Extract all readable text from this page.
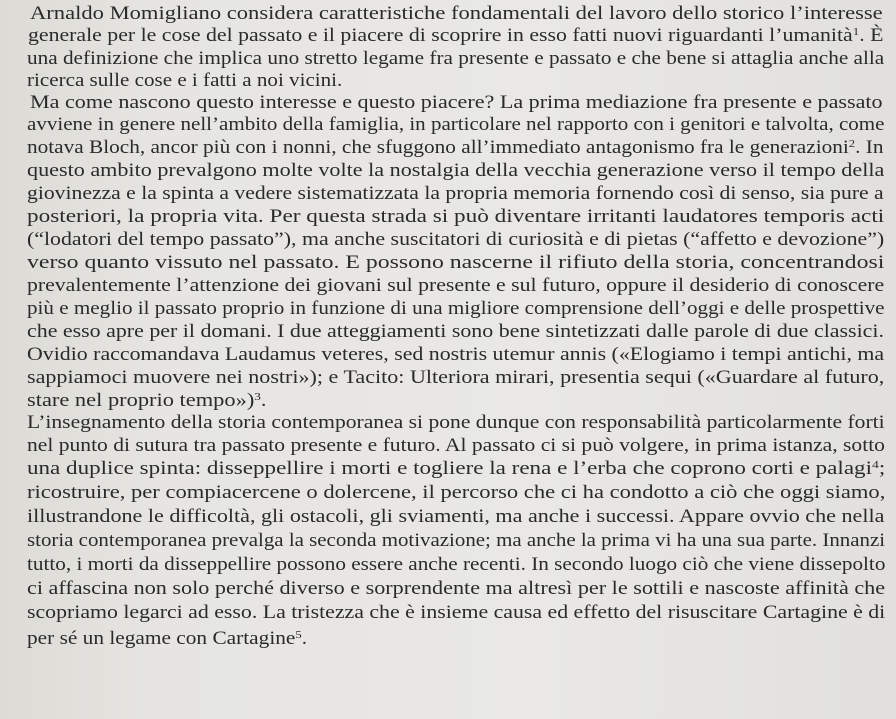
Arnaldo Momigliano considera caratteristiche fondamentali del lavoro dello storico l’interesse
generale per le cose del passato e il piacere di scoprire in esso fatti nuovi riguardanti l’umanità$^1$. È
una definizione che implica uno stretto legame fra presente e passato e che bene si attaglia anche alla
ricerca sulle cose e i fatti a noi vicini.
Ma come nascono questo interesse e questo piacere? La prima mediazione fra presente e passato
avviene in genere nell’ambito della famiglia, in particolare nel rapporto con i genitori e talvolta, come
notava Bloch, ancor più con i nonni, che sfuggono all’immediato antagonismo fra le generazioni$^2$. In
questo ambito prevalgono molte volte la nostalgia della vecchia generazione verso il tempo della
giovinezza e la spinta a vedere sistematizzata la propria memoria fornendo così di senso, sia pure a
posteriori, la propria vita. Per questa strada si può diventare irritanti laudatores temporis acti
(“lodatori del tempo passato”), ma anche suscitatori di curiosità e di pietas (“affetto e devozione”)
verso quanto vissuto nel passato. E possono nascerne il rifiuto della storia, concentrandosi
prevalentemente l’attenzione dei giovani sul presente e sul futuro, oppure il desiderio di conoscere
più e meglio il passato proprio in funzione di una migliore comprensione dell’oggi e delle prospettive
che esso apre per il domani. I due atteggiamenti sono bene sintetizzati dalle parole di due classici.
Ovidio raccomandava Laudamus veteres, sed nostris utemur annis («Elogiamo i tempi antichi, ma
sappiamoci muovere nei nostri»); e Tacito: Ulteriora mirari, presentia sequi («Guardare al futuro,
stare nel proprio tempo»)$^3$.
L’insegnamento della storia contemporanea si pone dunque con responsabilità particolarmente forti
nel punto di sutura tra passato presente e futuro. Al passato ci si può volgere, in prima istanza, sotto
una duplice spinta: disseppellire i morti e togliere la rena e l’erba che coprono corti e palagi$^4$;
ricostruire, per compiacercene o dolercene, il percorso che ci ha condotto a ciò che oggi siamo,
illustrandone le difficoltà, gli ostacoli, gli sviamenti, ma anche i successi. Appare ovvio che nella
storia contemporanea prevalga la seconda motivazione; ma anche la prima vi ha una sua parte. Innanzi
tutto, i morti da disseppellire possono essere anche recenti. In secondo luogo ciò che viene dissepolto
ci affascina non solo perché diverso e sorprendente ma altresì per le sottili e nascoste affinità che
scopriamo legarci ad esso. La tristezza che è insieme causa ed effetto del risuscitare Cartagine è di
per sé un legame con Cartagine$^5$.
